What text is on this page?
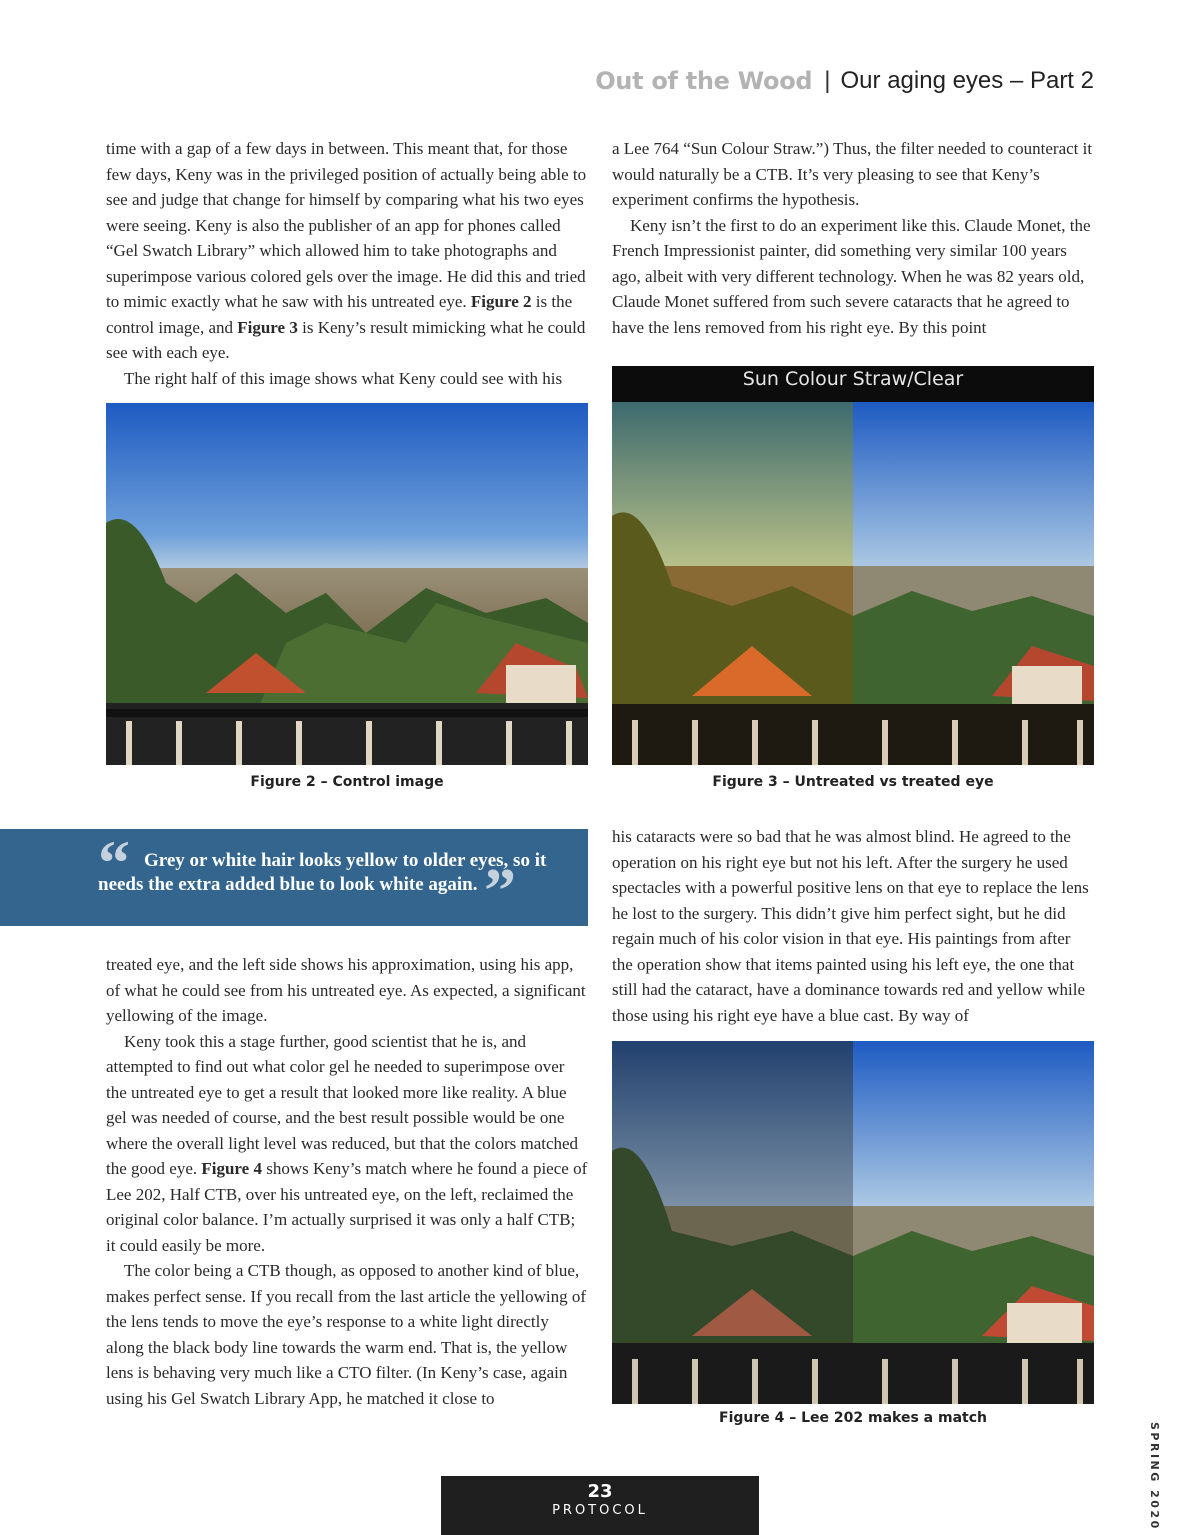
Out of the Wood | Our aging eyes – Part 2

time with a gap of a few days in between. This meant that, for those few days, Keny was in the privileged position of actually being able to see and judge that change for himself by comparing what his two eyes were seeing. Keny is also the publisher of an app for phones called “Gel Swatch Library” which allowed him to take photographs and superimpose various colored gels over the image. He did this and tried to mimic exactly what he saw with his untreated eye. Figure 2 is the control image, and Figure 3 is Keny’s result mimicking what he could see with each eye.

The right half of this image shows what Keny could see with his

a Lee 764 “Sun Colour Straw.”) Thus, the filter needed to counteract it would naturally be a CTB. It’s very pleasing to see that Keny’s experiment confirms the hypothesis.

Keny isn’t the first to do an experiment like this. Claude Monet, the French Impressionist painter, did something very similar 100 years ago, albeit with very different technology. When he was 82 years old, Claude Monet suffered from such severe cataracts that he agreed to have the lens removed from his right eye. By this point

Figure 2 – Control image
Sun Colour Straw/Clear
Figure 3 – Untreated vs treated eye
“ Grey or white hair looks yellow to older eyes, so it needs the extra added blue to look white again. ”

treated eye, and the left side shows his approximation, using his app, of what he could see from his untreated eye. As expected, a significant yellowing of the image.

Keny took this a stage further, good scientist that he is, and attempted to find out what color gel he needed to superimpose over the untreated eye to get a result that looked more like reality. A blue gel was needed of course, and the best result possible would be one where the overall light level was reduced, but that the colors matched the good eye. Figure 4 shows Keny’s match where he found a piece of Lee 202, Half CTB, over his untreated eye, on the left, reclaimed the original color balance. I’m actually surprised it was only a half CTB; it could easily be more.

The color being a CTB though, as opposed to another kind of blue, makes perfect sense. If you recall from the last article the yellowing of the lens tends to move the eye’s response to a white light directly along the black body line towards the warm end. That is, the yellow lens is behaving very much like a CTO filter. (In Keny’s case, again using his Gel Swatch Library App, he matched it close to

his cataracts were so bad that he was almost blind. He agreed to the operation on his right eye but not his left. After the surgery he used spectacles with a powerful positive lens on that eye to replace the lens he lost to the surgery. This didn’t give him perfect sight, but he did regain much of his color vision in that eye. His paintings from after the operation show that items painted using his left eye, the one that still had the cataract, have a dominance towards red and yellow while those using his right eye have a blue cast. By way of

Figure 4 – Lee 202 makes a match
23
PROTOCOL	SPRING 2020
